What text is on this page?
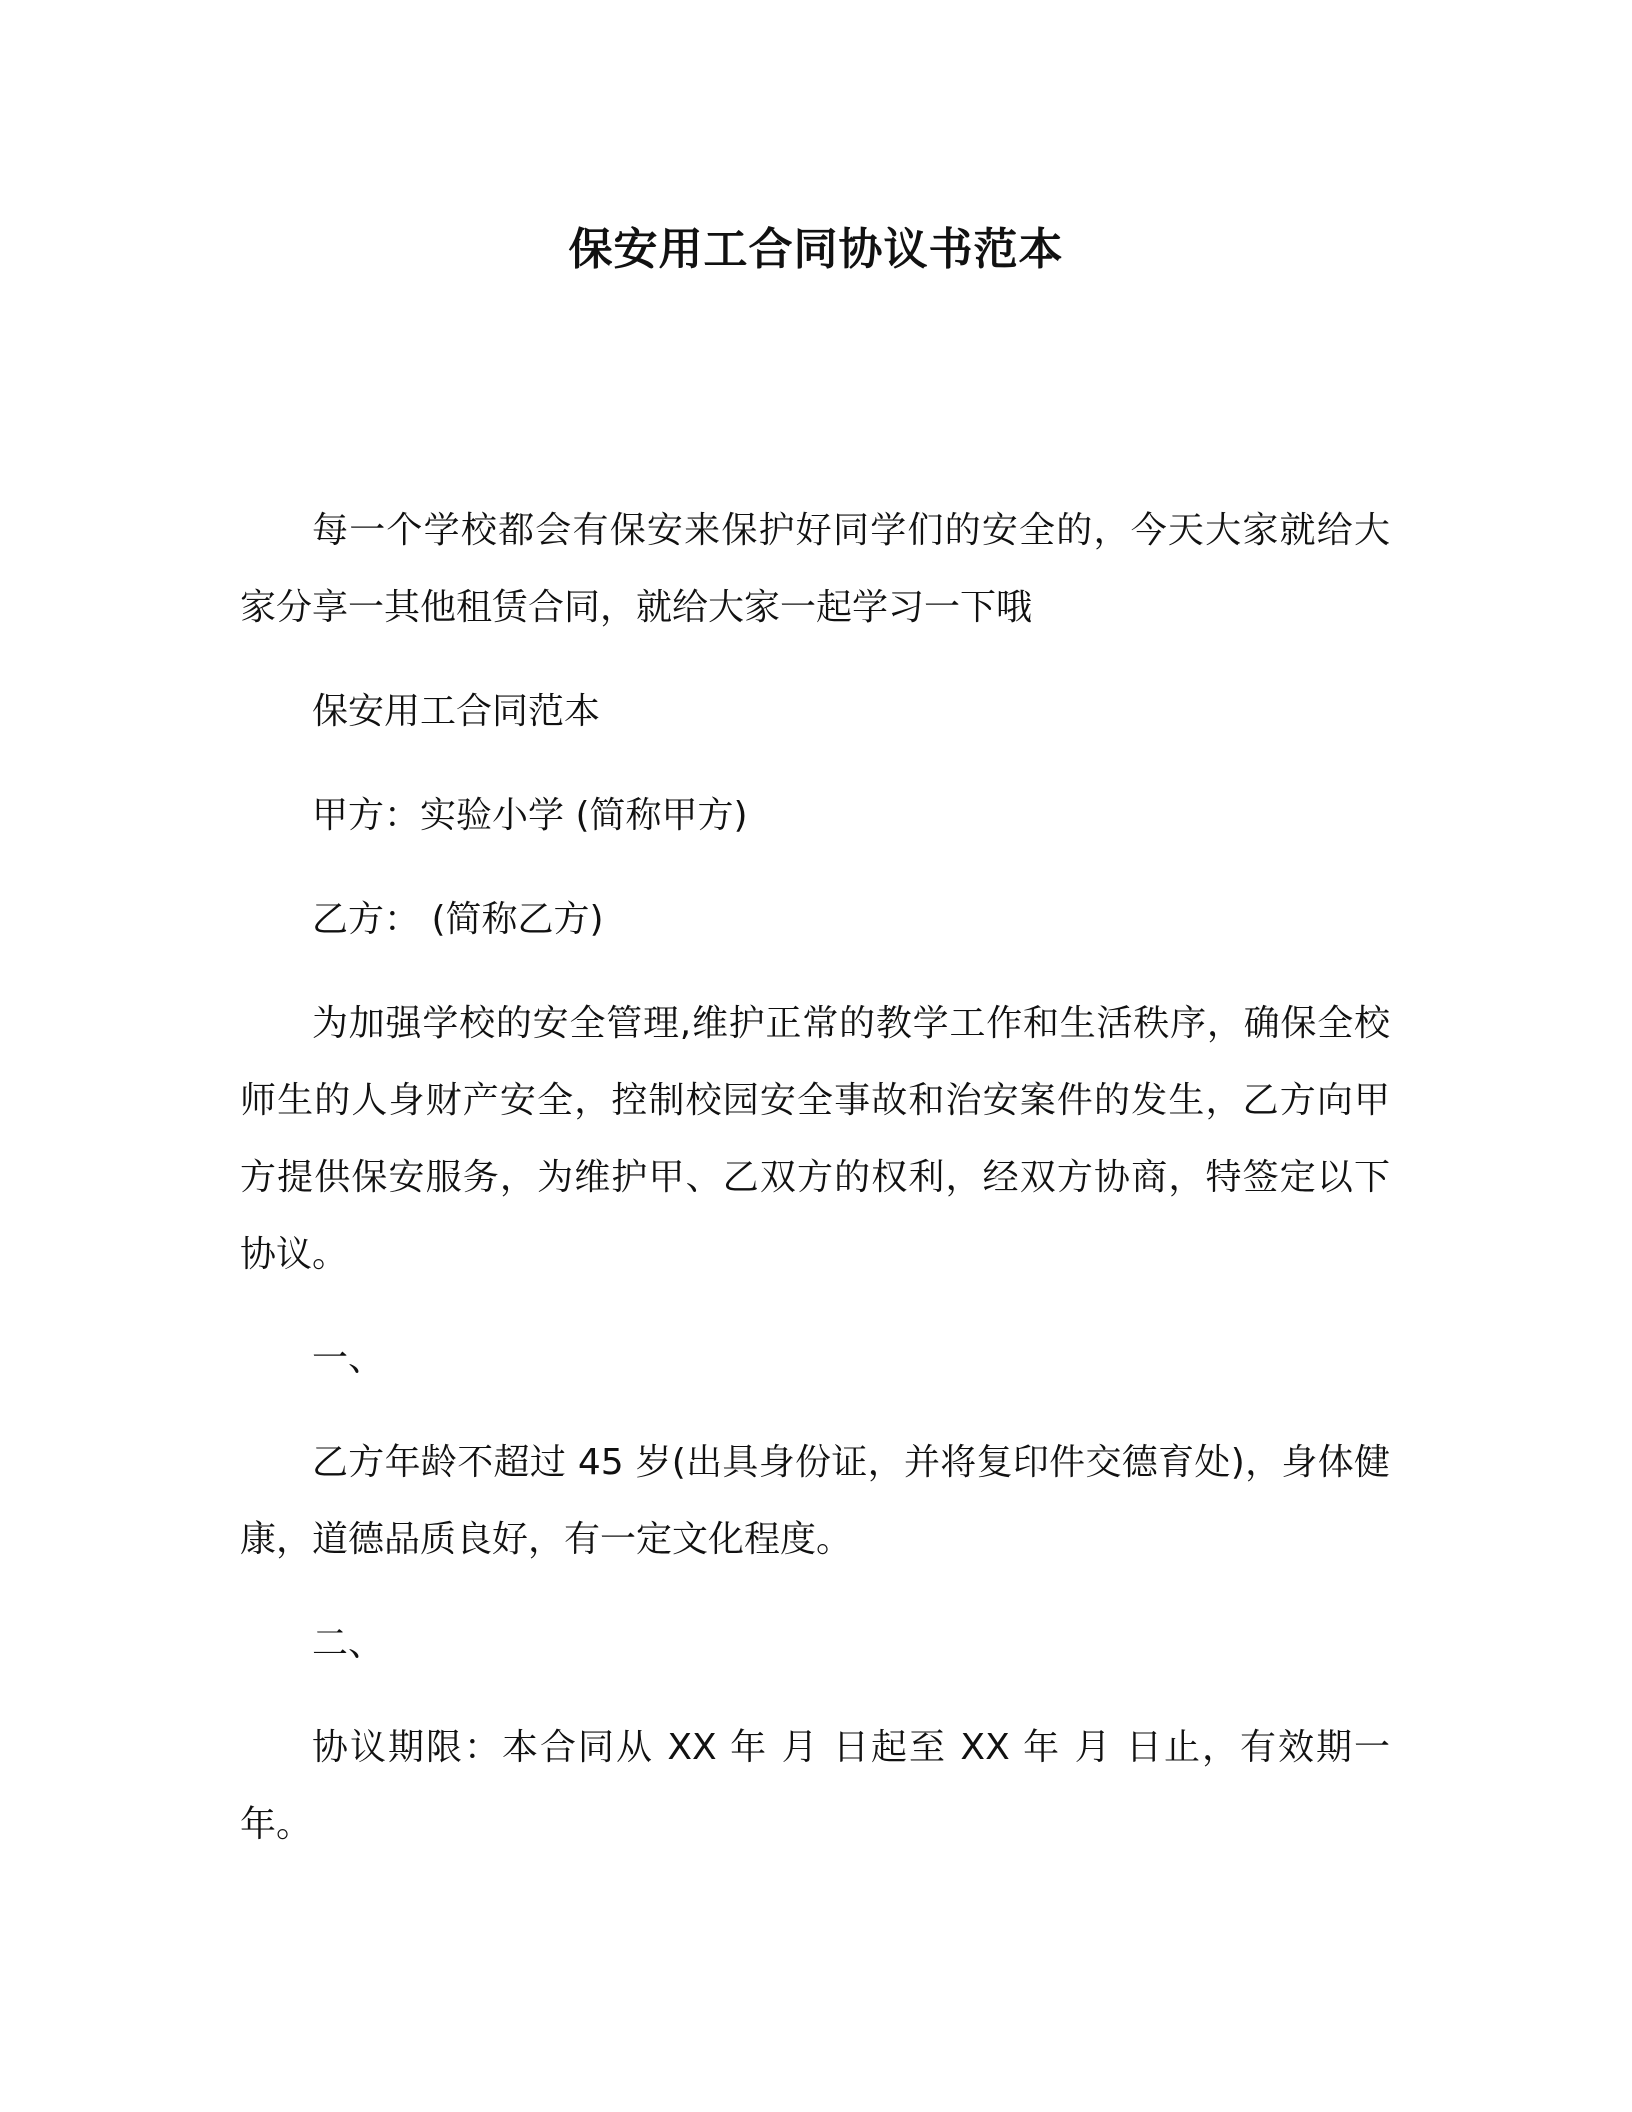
保安用工合同协议书范本

每一个学校都会有保安来保护好同学们的安全的，今天大家就给大家分享一其他租赁合同，就给大家一起学习一下哦

保安用工合同范本

甲方：实验小学 (简称甲方)

乙方： (简称乙方)

为加强学校的安全管理,维护正常的教学工作和生活秩序，确保全校师生的人身财产安全，控制校园安全事故和治安案件的发生，乙方向甲方提供保安服务，为维护甲、乙双方的权利，经双方协商，特签定以下协议。

一、

乙方年龄不超过 45 岁(出具身份证，并将复印件交德育处)，身体健康，道德品质良好，有一定文化程度。

二、

协议期限：本合同从 XX 年 月 日起至 XX 年 月 日止，有效期一年。
